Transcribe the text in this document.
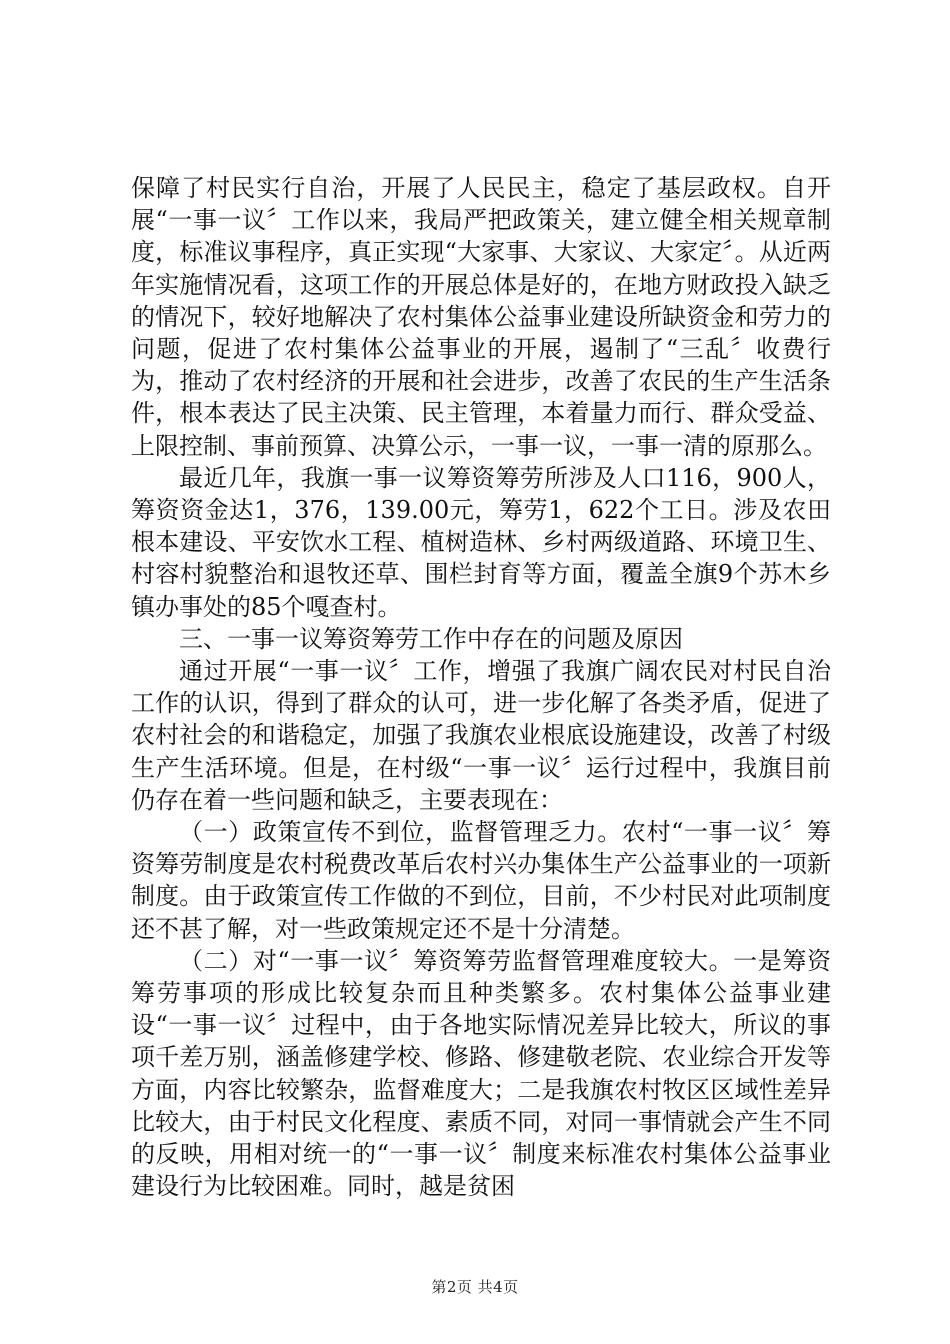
保障了村民实行自治，开展了人民民主，稳定了基层政权。自开展“一事一议〞工作以来，我局严把政策关，建立健全相关规章制度，标准议事程序，真正实现“大家事、大家议、大家定〞。从近两年实施情况看，这项工作的开展总体是好的，在地方财政投入缺乏的情况下，较好地解决了农村集体公益事业建设所缺资金和劳力的问题，促进了农村集体公益事业的开展，遏制了“三乱〞收费行为，推动了农村经济的开展和社会进步，改善了农民的生产生活条件，根本表达了民主决策、民主管理，本着量力而行、群众受益、上限控制、事前预算、决算公示，一事一议，一事一清的原那么。

最近几年，我旗一事一议筹资筹劳所涉及人口116，900人，筹资资金达1，376，139.00元，筹劳1，622个工日。涉及农田根本建设、平安饮水工程、植树造林、乡村两级道路、环境卫生、村容村貌整治和退牧还草、围栏封育等方面，覆盖全旗9个苏木乡镇办事处的85个嘎查村。

三、一事一议筹资筹劳工作中存在的问题及原因

通过开展“一事一议〞工作，增强了我旗广阔农民对村民自治工作的认识，得到了群众的认可，进一步化解了各类矛盾，促进了农村社会的和谐稳定，加强了我旗农业根底设施建设，改善了村级生产生活环境。但是，在村级“一事一议〞运行过程中，我旗目前仍存在着一些问题和缺乏，主要表现在：

（一）政策宣传不到位，监督管理乏力。农村“一事一议〞筹资筹劳制度是农村税费改革后农村兴办集体生产公益事业的一项新制度。由于政策宣传工作做的不到位，目前，不少村民对此项制度还不甚了解，对一些政策规定还不是十分清楚。

（二）对“一事一议〞筹资筹劳监督管理难度较大。一是筹资筹劳事项的形成比较复杂而且种类繁多。农村集体公益事业建设“一事一议〞过程中，由于各地实际情况差异比较大，所议的事项千差万别，涵盖修建学校、修路、修建敬老院、农业综合开发等方面，内容比较繁杂，监督难度大；二是我旗农村牧区区域性差异比较大，由于村民文化程度、素质不同，对同一事情就会产生不同的反映，用相对统一的“一事一议〞制度来标准农村集体公益事业建设行为比较困难。同时，越是贫困

第2页 共4页
